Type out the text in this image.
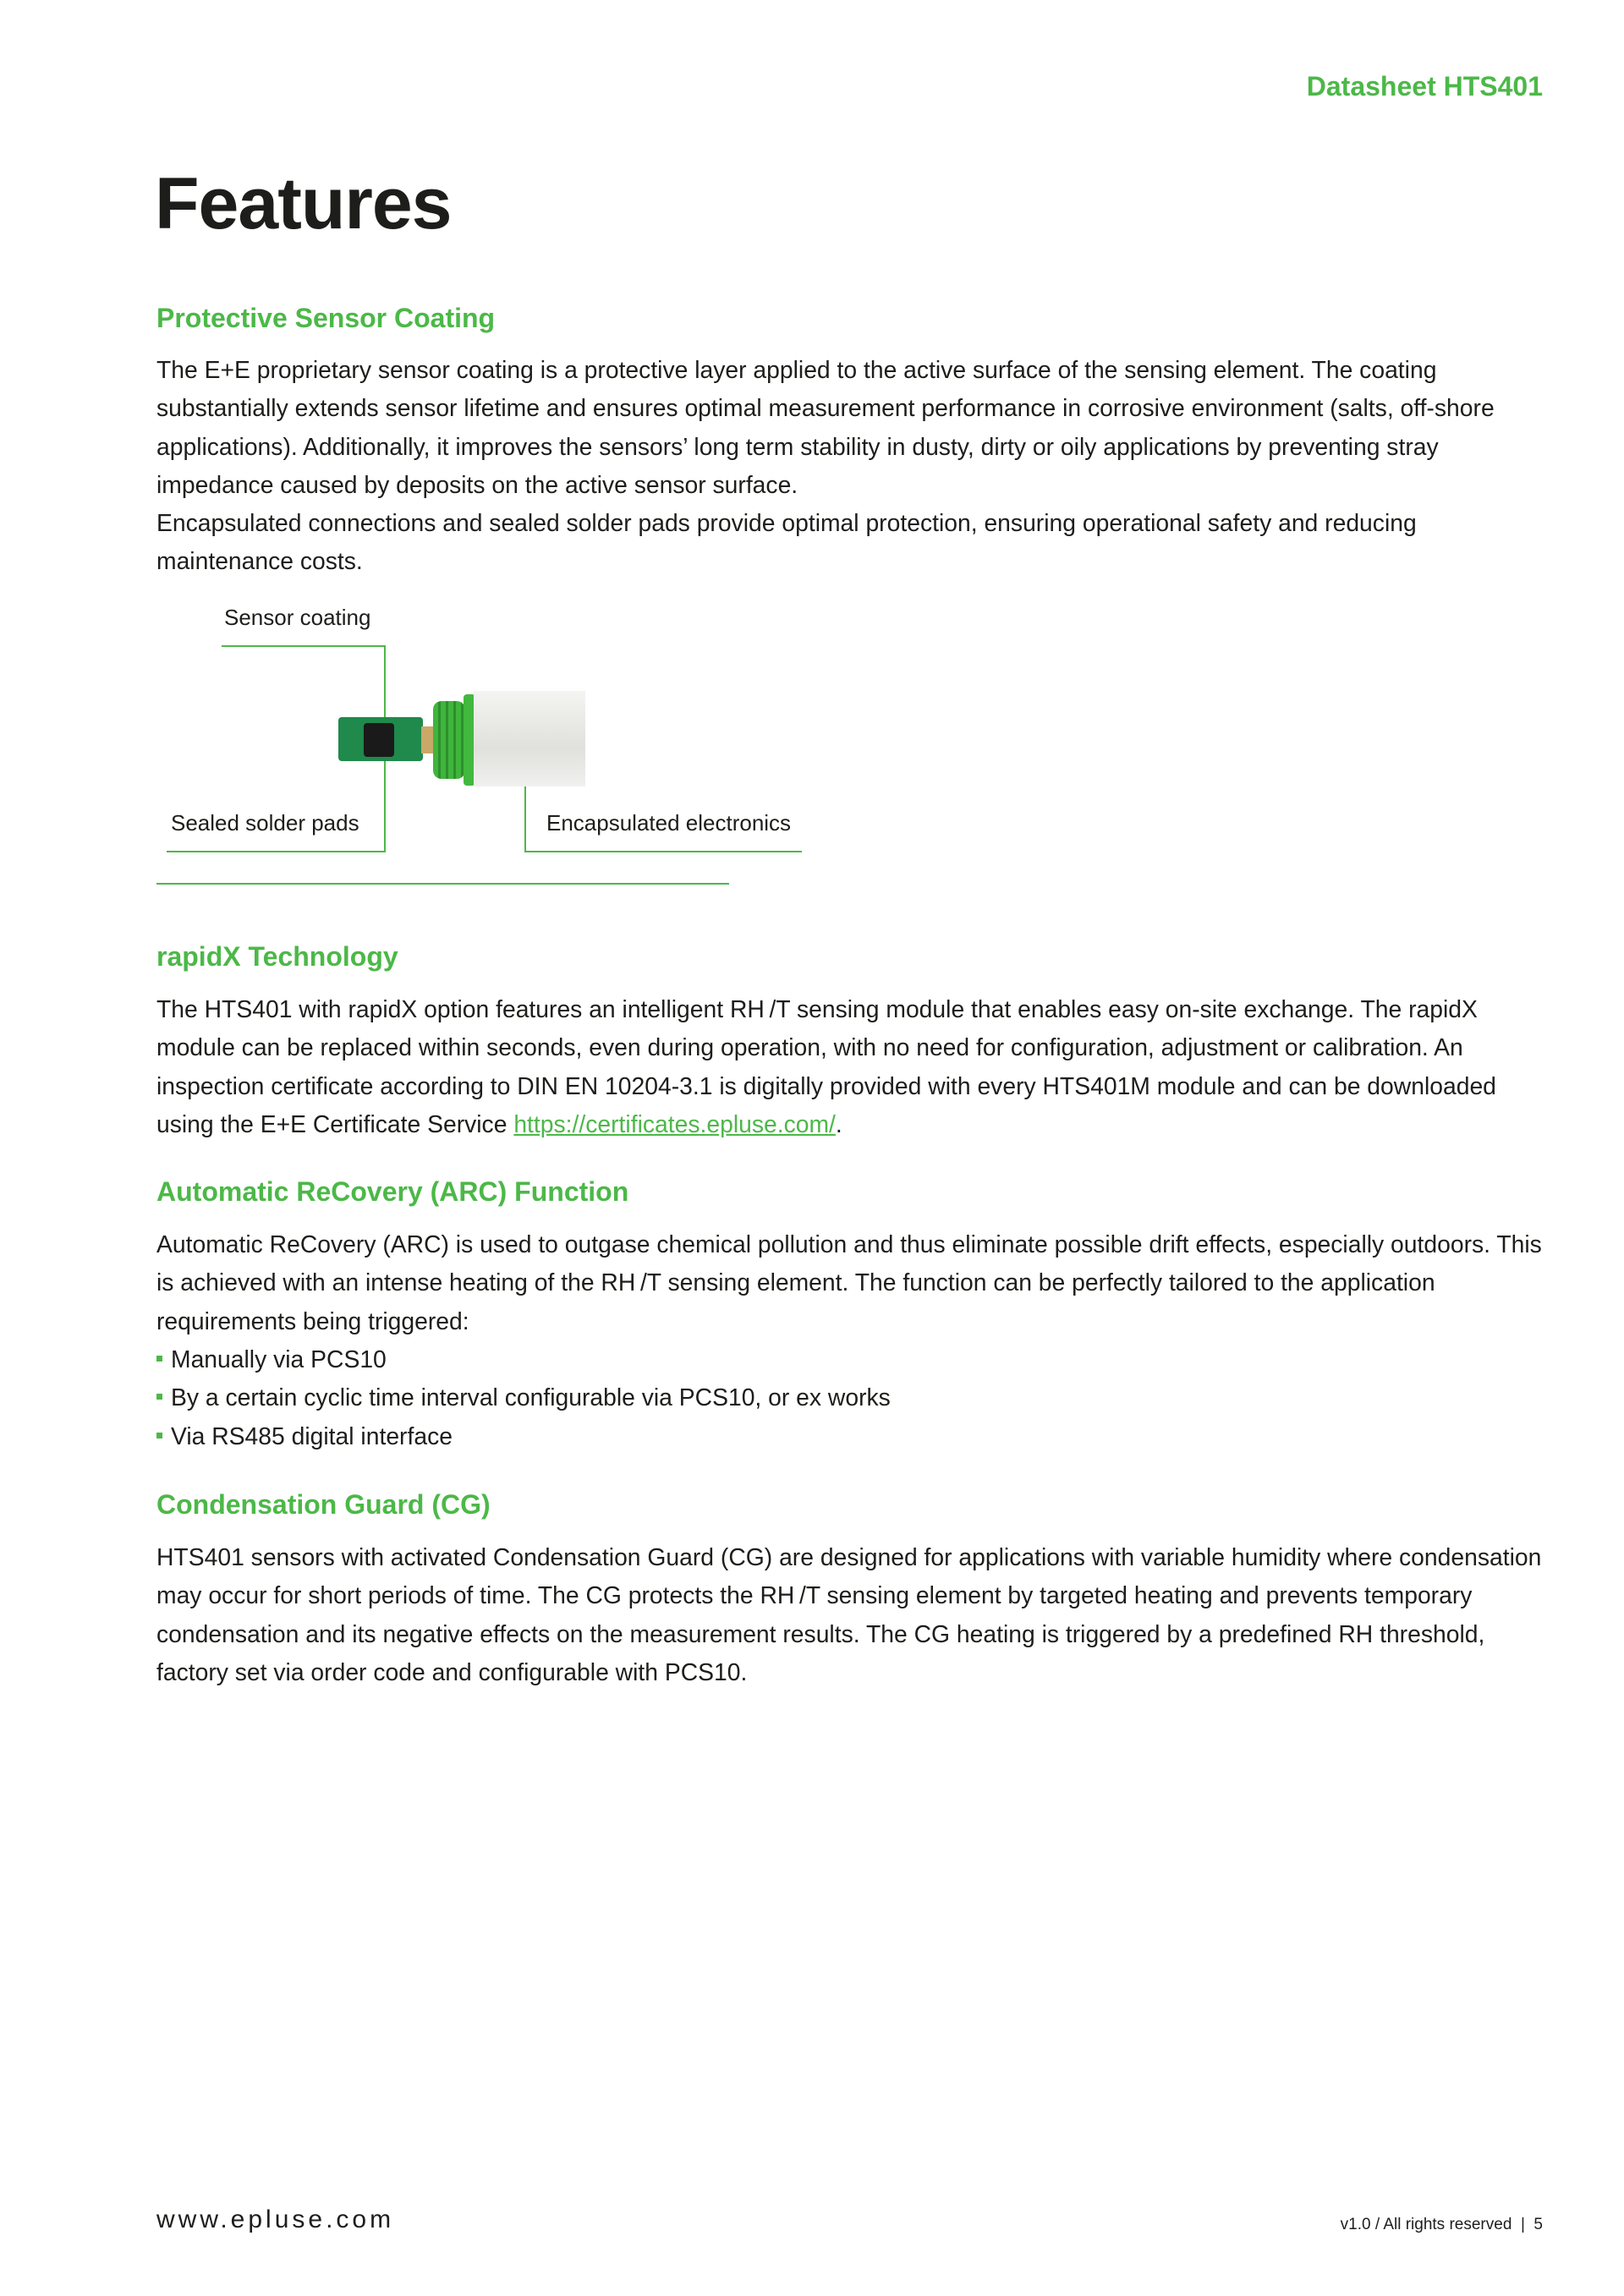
Datasheet HTS401
Features
Protective Sensor Coating

The E+E proprietary sensor coating is a protective layer applied to the active surface of the sensing element. The coating substantially extends sensor lifetime and ensures optimal measurement performance in corrosive environment (salts, off-shore applications). Additionally, it improves the sensors’ long term stability in dusty, dirty or oily applications by preventing stray impedance caused by deposits on the active sensor surface.

Encapsulated connections and sealed solder pads provide optimal protection, ensuring operational safety and reducing maintenance costs.

Sensor coating
Sealed solder pads	Encapsulated electronics
rapidX Technology

The HTS401 with rapidX option features an intelligent RH /T sensing module that enables easy on-site exchange. The rapidX module can be replaced within seconds, even during operation, with no need for configuration, adjustment or calibration. An inspection certificate according to DIN EN 10204-3.1 is digitally provided with every HTS401M module and can be downloaded using the E+E Certificate Service https://certificates.epluse.com/.

Automatic ReCovery (ARC) Function

Automatic ReCovery (ARC) is used to outgase chemical pollution and thus eliminate possible drift effects, especially outdoors. This is achieved with an intense heating of the RH /T sensing element. The function can be perfectly tailored to the application requirements being triggered:

Manually via PCS10
By a certain cyclic time interval configurable via PCS10, or ex works
Via RS485 digital interface
Condensation Guard (CG)

HTS401 sensors with activated Condensation Guard (CG) are designed for applications with variable humidity where condensation may occur for short periods of time. The CG protects the RH /T sensing element by targeted heating and prevents temporary condensation and its negative effects on the measurement results. The CG heating is triggered by a predefined RH threshold, factory set via order code and configurable with PCS10.

www.epluse.com	v1.0 / All rights reserved  |  5
